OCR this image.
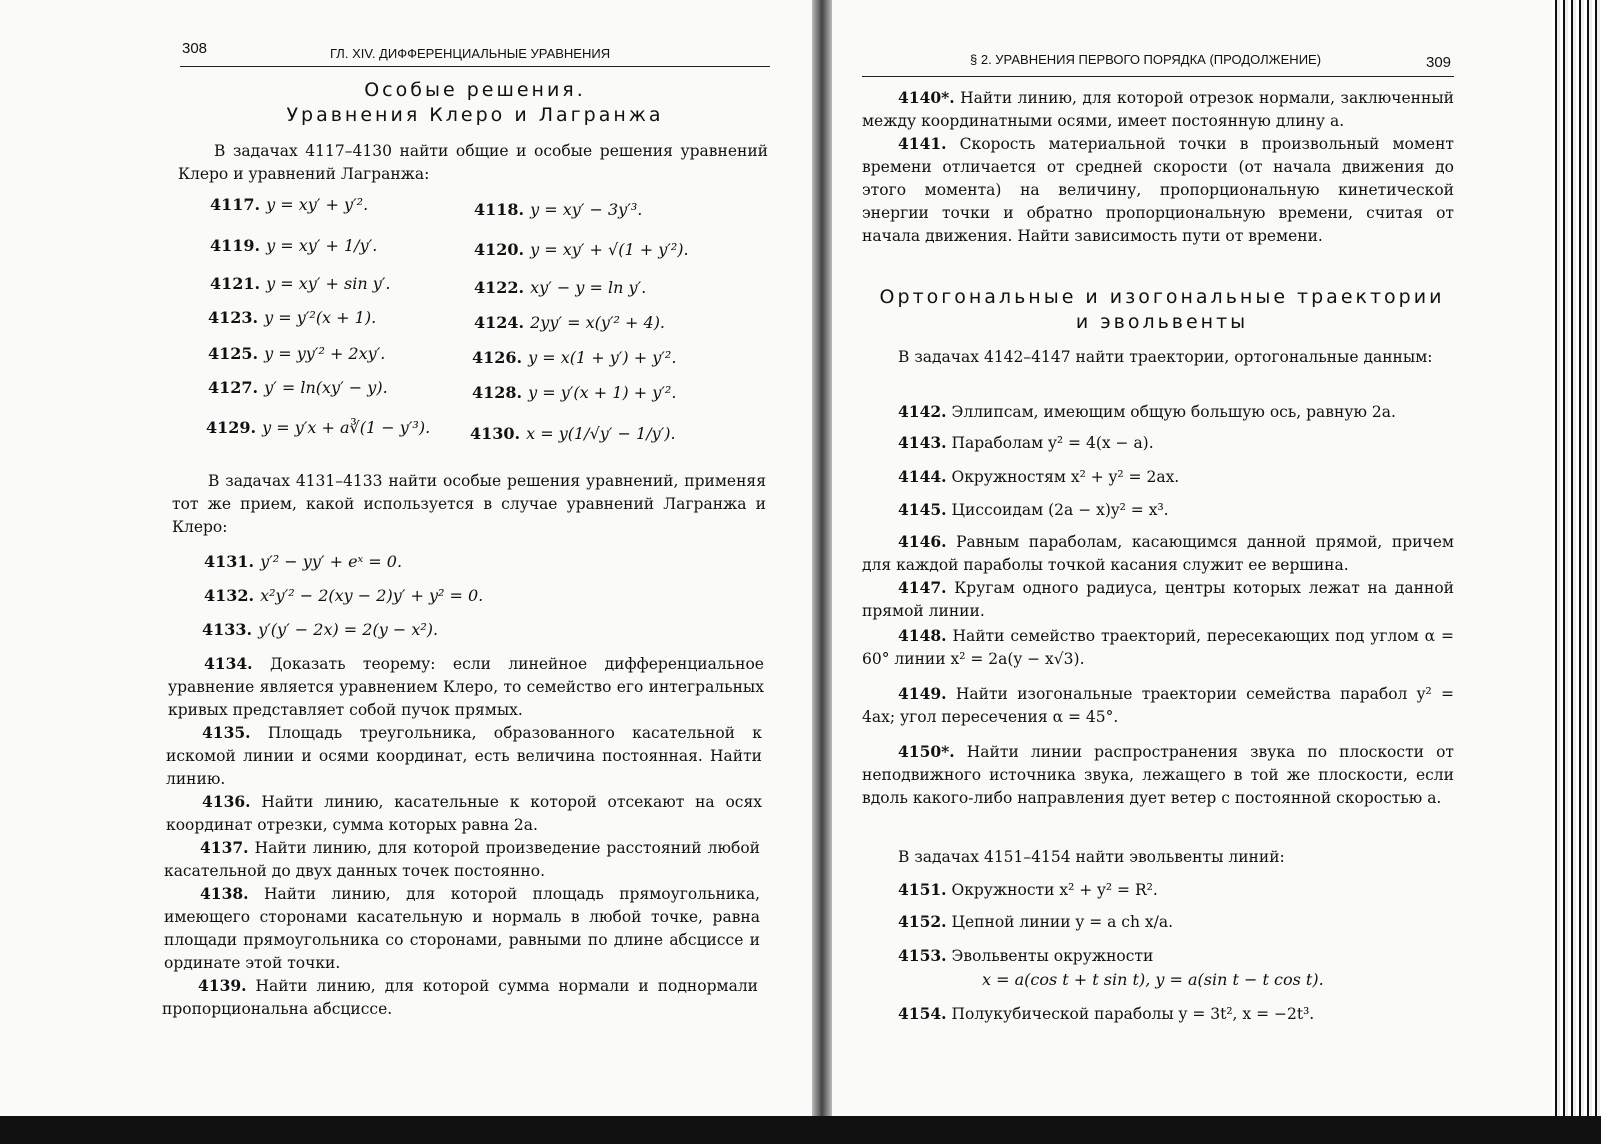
308	ГЛ. XIV. ДИФФЕРЕНЦИАЛЬНЫЕ УРАВНЕНИЯ
Особые решения.
Уравнения Клеро и Лагранжа
В задачах 4117–4130 найти общие и особые решения уравнений Клеро и уравнений Лагранжа:
4117. y = xy′ + y′².	4118. y = xy′ − 3y′³.
4119. y = xy′ + 1/y′.	4120. y = xy′ + √(1 + y′²).
4121. y = xy′ + sin y′.	4122. xy′ − y = ln y′.
4123. y = y′²(x + 1).	4124. 2yy′ = x(y′² + 4).
4125. y = yy′² + 2xy′.	4126. y = x(1 + y′) + y′².
4127. y′ = ln(xy′ − y).	4128. y = y′(x + 1) + y′².
4129. y = y′x + a∛(1 − y′³). 4130. x = y(1/√y′ − 1/y′).
В задачах 4131–4133 найти особые решения уравнений, применяя тот же прием, какой используется в случае уравнений Лагранжа и Клеро:
4131. y′² − yy′ + eˣ = 0.
4132. x²y′² − 2(xy − 2)y′ + y² = 0.
4133. y′(y′ − 2x) = 2(y − x²).
4134. Доказать теорему: если линейное дифференциальное уравнение является уравнением Клеро, то семейство его интегральных кривых представляет собой пучок прямых.
4135. Площадь треугольника, образованного касательной к искомой линии и осями координат, есть величина постоянная. Найти линию.
4136. Найти линию, касательные к которой отсекают на осях координат отрезки, сумма которых равна 2a.
4137. Найти линию, для которой произведение расстояний любой касательной до двух данных точек постоянно.
4138. Найти линию, для которой площадь прямоугольника, имеющего сторонами касательную и нормаль в любой точке, равна площади прямоугольника со сторонами, равными по длине абсциссе и ординате этой точки.
4139. Найти линию, для которой сумма нормали и поднормали пропорциональна абсциссе.
§ 2. УРАВНЕНИЯ ПЕРВОГО ПОРЯДКА (ПРОДОЛЖЕНИЕ)	309
4140*. Найти линию, для которой отрезок нормали, заключенный между координатными осями, имеет постоянную длину a.
4141. Скорость материальной точки в произвольный момент времени отличается от средней скорости (от начала движения до этого момента) на величину, пропорциональную кинетической энергии точки и обратно пропорциональную времени, считая от начала движения. Найти зависимость пути от времени.
Ортогональные и изогональные траектории
и эвольвенты
В задачах 4142–4147 найти траектории, ортогональные данным:
4142. Эллипсам, имеющим общую большую ось, равную 2a.
4143. Параболам y² = 4(x − a).
4144. Окружностям x² + y² = 2ax.
4145. Циссоидам (2a − x)y² = x³.
4146. Равным параболам, касающимся данной прямой, причем для каждой параболы точкой касания служит ее вершина.
4147. Кругам одного радиуса, центры которых лежат на данной прямой линии.
4148. Найти семейство траекторий, пересекающих под углом α = 60° линии x² = 2a(y − x√3).
4149. Найти изогональные траектории семейства парабол y² = 4ax; угол пересечения α = 45°.
4150*. Найти линии распространения звука по плоскости от неподвижного источника звука, лежащего в той же плоскости, если вдоль какого-либо направления дует ветер с постоянной скоростью a.
В задачах 4151–4154 найти эвольвенты линий:
4151. Окружности x² + y² = R².
4152. Цепной линии y = a ch x/a.
4153. Эвольвенты окружности
x = a(cos t + t sin t), y = a(sin t − t cos t).
4154. Полукубической параболы y = 3t², x = −2t³.
